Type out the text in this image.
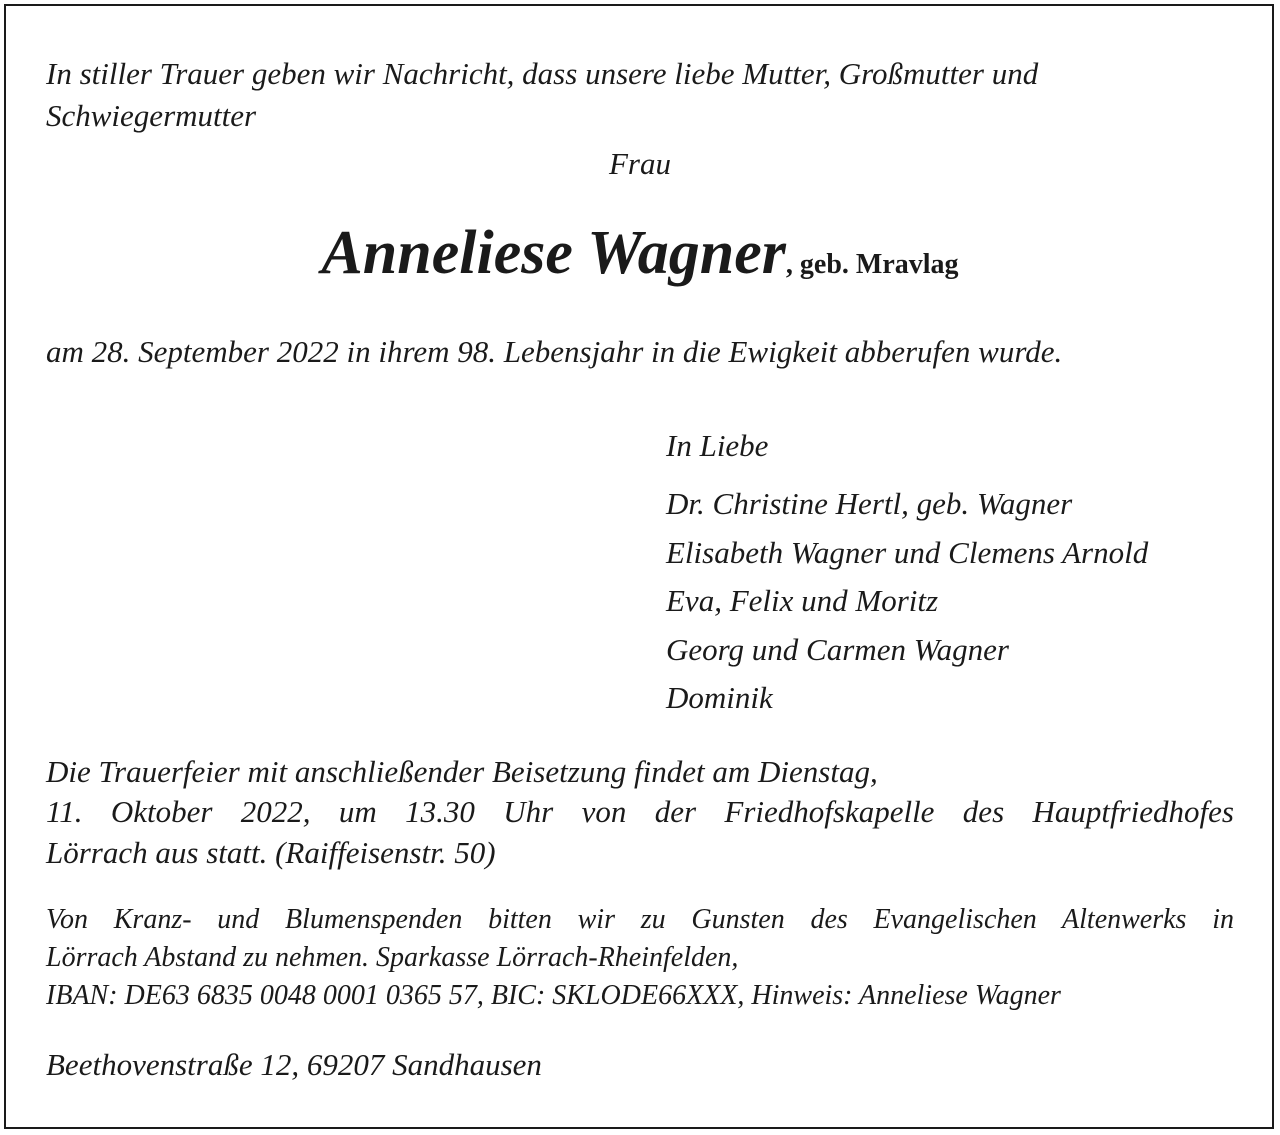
In stiller Trauer geben wir Nachricht, dass unsere liebe Mutter, Großmutter und
Schwiegermutter
Frau
Anneliese Wagner, geb. Mravlag
am 28. September 2022 in ihrem 98. Lebensjahr in die Ewigkeit abberufen wurde.
In Liebe
Dr. Christine Hertl, geb. Wagner
Elisabeth Wagner und Clemens Arnold
Eva, Felix und Moritz
Georg und Carmen Wagner
Dominik
Die Trauerfeier mit anschließender Beisetzung findet am Dienstag,
11. Oktober 2022, um 13.30 Uhr von der Friedhofskapelle des Hauptfriedhofes
Lörrach aus statt. (Raiffeisenstr. 50)
Von Kranz- und Blumenspenden bitten wir zu Gunsten des Evangelischen Altenwerks in
Lörrach Abstand zu nehmen. Sparkasse Lörrach-Rheinfelden,
IBAN: DE63 6835 0048 0001 0365 57, BIC: SKLODE66XXX, Hinweis: Anneliese Wagner
Beethovenstraße 12, 69207 Sandhausen
